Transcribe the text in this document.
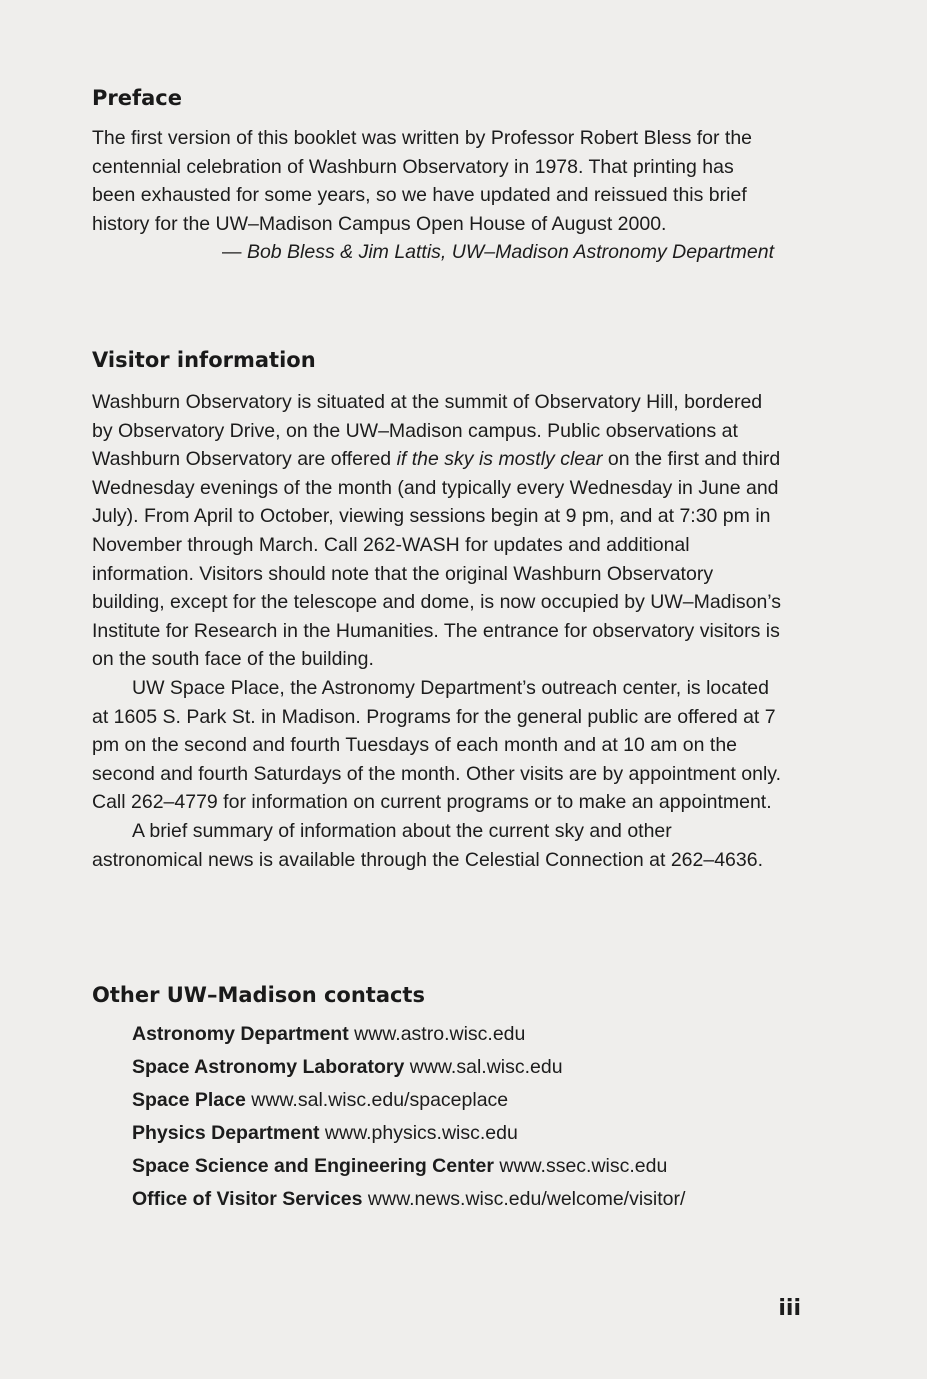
Preface

The first version of this booklet was written by Professor Robert Bless for the centennial celebration of Washburn Observatory in 1978. That printing has been exhausted for some years, so we have updated and reissued this brief history for the UW–Madison Campus Open House of August 2000.

— Bob Bless & Jim Lattis, UW–Madison Astronomy Department

Visitor information

Washburn Observatory is situated at the summit of Observatory Hill, bordered by Observatory Drive, on the UW–Madison campus. Public observations at Washburn Observatory are offered if the sky is mostly clear on the first and third Wednesday evenings of the month (and typically every Wednesday in June and July). From April to October, viewing sessions begin at 9 pm, and at 7:30 pm in November through March. Call 262-WASH for updates and additional information. Visitors should note that the original Washburn Observatory building, except for the telescope and dome, is now occupied by UW–Madison’s Institute for Research in the Humanities. The entrance for observatory visitors is on the south face of the building.

UW Space Place, the Astronomy Department’s outreach center, is located at 1605 S. Park St. in Madison. Programs for the general public are offered at 7 pm on the second and fourth Tuesdays of each month and at 10 am on the second and fourth Saturdays of the month. Other visits are by appointment only. Call 262–4779 for information on current programs or to make an appointment.

A brief summary of information about the current sky and other astronomical news is available through the Celestial Connection at 262–4636.

Other UW–Madison contacts
Astronomy Department www.astro.wisc.edu
Space Astronomy Laboratory www.sal.wisc.edu
Space Place www.sal.wisc.edu/spaceplace
Physics Department www.physics.wisc.edu
Space Science and Engineering Center www.ssec.wisc.edu
Office of Visitor Services www.news.wisc.edu/welcome/visitor/
iii
